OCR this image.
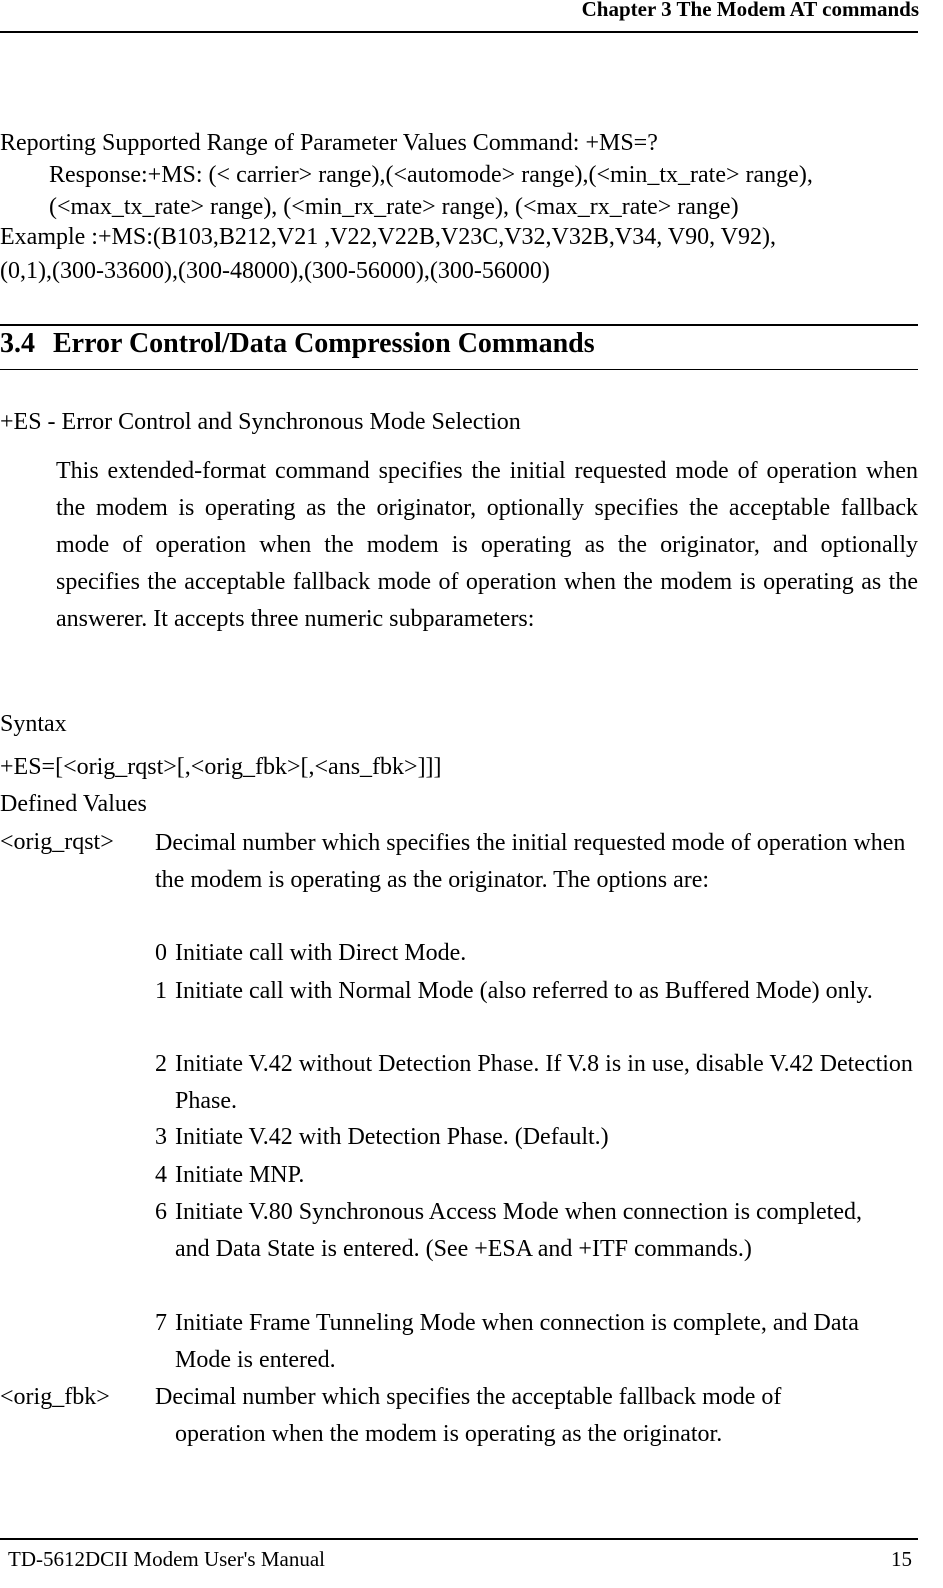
Chapter 3 The Modem AT commands
Reporting Supported Range of Parameter Values Command: +MS=?
Response:+MS: (< carrier> range),(<automode> range),(<min_tx_rate> range),
(<max_tx_rate> range), (<min_rx_rate> range), (<max_rx_rate> range)
Example :+MS:(B103,B212,V21 ,V22,V22B,V23C,V32,V32B,V34, V90, V92),
(0,1),(300-33600),(300-48000),(300-56000),(300-56000)
3.4 Error Control/Data Compression Commands
+ES - Error Control and Synchronous Mode Selection
This extended-format command specifies the initial requested mode of operation when the modem is operating as the originator, optionally specifies the acceptable fallback mode of operation when the modem is operating as the originator, and optionally specifies the acceptable fallback mode of operation when the modem is operating as the answerer. It accepts three numeric subparameters:
Syntax
+ES=[<orig_rqst>[,<orig_fbk>[,<ans_fbk>]]]
Defined Values
<orig_rqst> Decimal number which specifies the initial requested mode of operation when the modem is operating as the originator. The options are:
0 Initiate call with Direct Mode.
1 Initiate call with Normal Mode (also referred to as Buffered Mode) only.
2 Initiate V.42 without Detection Phase. If V.8 is in use, disable V.42 Detection Phase.
3 Initiate V.42 with Detection Phase. (Default.)
4 Initiate MNP.
6 Initiate V.80 Synchronous Access Mode when connection is completed, and Data State is entered. (See +ESA and +ITF commands.)
7 Initiate Frame Tunneling Mode when connection is complete, and Data Mode is entered.
<orig_fbk> Decimal number which specifies the acceptable fallback mode of
operation when the modem is operating as the originator.
TD-5612DCII Modem User's Manual	15
